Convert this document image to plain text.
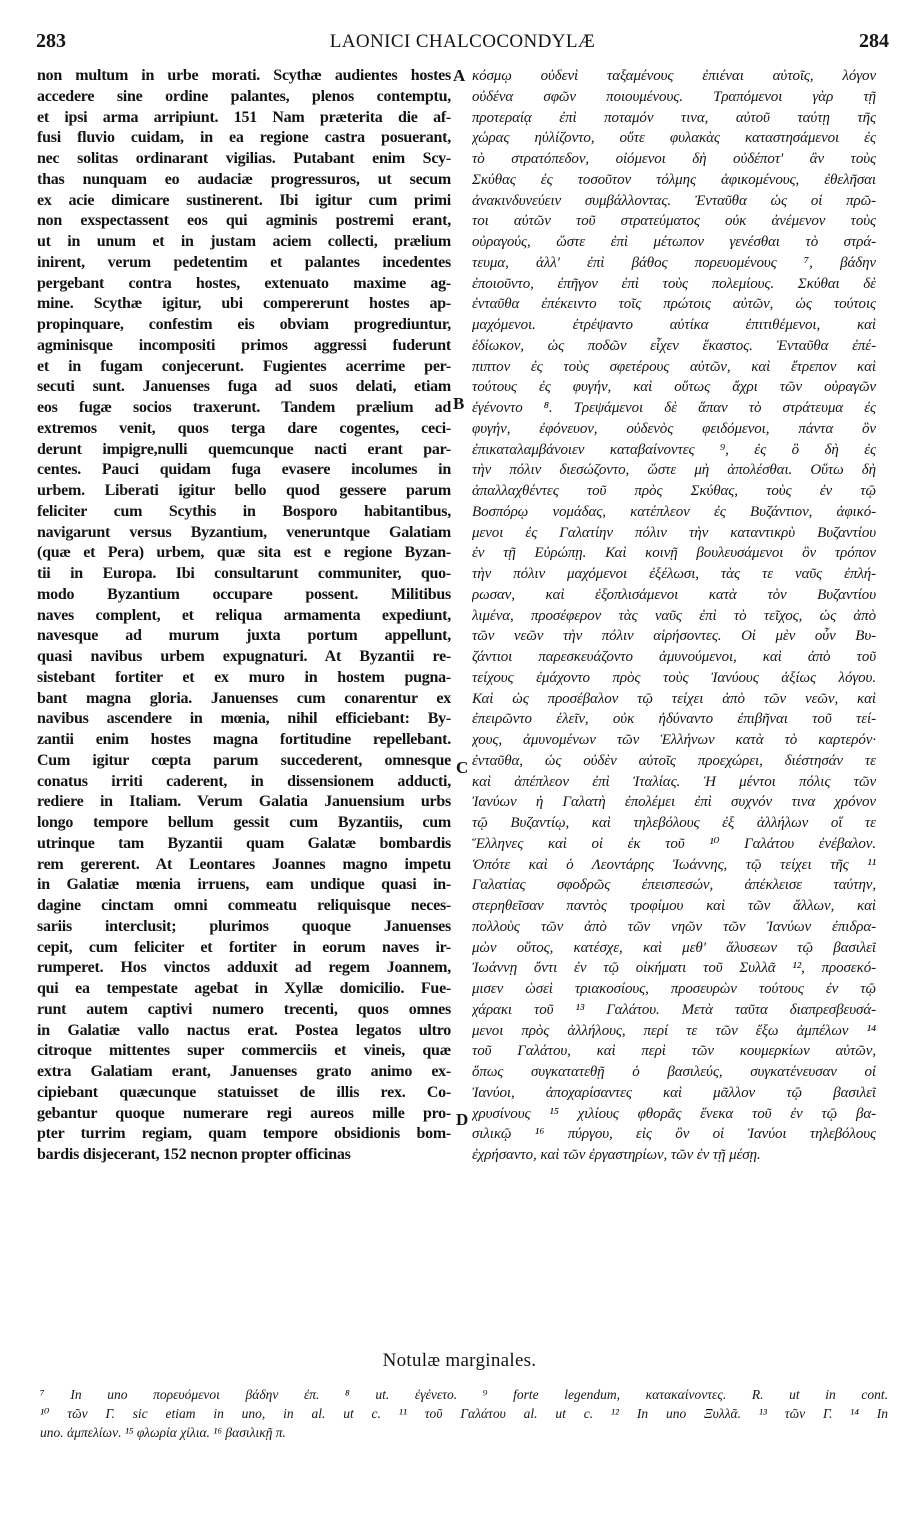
283	LAONICI CHALCOCONDYLÆ	284
non multum in urbe morati. Scythæ audientes hostes
accedere sine ordine palantes, plenos contemptu,
et ipsi arma arripiunt. 151 Nam præterita die af-
fusi fluvio cuidam, in ea regione castra posuerant,
nec solitas ordinarant vigilias. Putabant enim Scy-
thas nunquam eo audaciæ progressuros, ut secum
ex acie dimicare sustinerent. Ibi igitur cum primi
non exspectassent eos qui agminis postremi erant,
ut in unum et in justam aciem collecti, prælium
inirent, verum pedetentim et palantes incedentes
pergebant contra hostes, extenuato maxime ag-
mine. Scythæ igitur, ubi compererunt hostes ap-
propinquare, confestim eis obviam progrediuntur,
agminisque incompositi primos aggressi fuderunt
et in fugam conjecerunt. Fugientes acerrime per-
secuti sunt. Januenses fuga ad suos delati, etiam
eos fugæ socios traxerunt. Tandem prælium ad
extremos venit, quos terga dare cogentes, ceci-
derunt impigre,nulli quemcunque nacti erant par-
centes. Pauci quidam fuga evasere incolumes in
urbem. Liberati igitur bello quod gessere parum
feliciter cum Scythis in Bosporo habitantibus,
navigarunt versus Byzantium, veneruntque Galatiam
(quæ et Pera) urbem, quæ sita est e regione Byzan-
tii in Europa. Ibi consultarunt communiter, quo-
modo Byzantium occupare possent. Militibus
naves complent, et reliqua armamenta expediunt,
navesque ad murum juxta portum appellunt,
quasi navibus urbem expugnaturi. At Byzantii re-
sistebant fortiter et ex muro in hostem pugna-
bant magna gloria. Januenses cum conarentur ex
navibus ascendere in mœnia, nihil efficiebant: By-
zantii enim hostes magna fortitudine repellebant.
Cum igitur cœpta parum succederent, omnesque
conatus irriti caderent, in dissensionem adducti,
rediere in Italiam. Verum Galatia Januensium urbs
longo tempore bellum gessit cum Byzantiis, cum
utrinque tam Byzantii quam Galatæ bombardis
rem gererent. At Leontares Joannes magno impetu
in Galatiæ mœnia irruens, eam undique quasi in-
dagine cinctam omni commeatu reliquisque neces-
sariis interclusit; plurimos quoque Januenses
cepit, cum feliciter et fortiter in eorum naves ir-
rumperet. Hos vinctos adduxit ad regem Joannem,
qui ea tempestate agebat in Xyllæ domicilio. Fue-
runt autem captivi numero trecenti, quos omnes
in Galatiæ vallo nactus erat. Postea legatos ultro
citroque mittentes super commerciis et vineis, quæ
extra Galatiam erant, Januenses grato animo ex-
cipiebant quæcunque statuisset de illis rex. Co-
gebantur quoque numerare regi aureos mille pro-
pter turrim regiam, quam tempore obsidionis bom-
bardis disjecerant, 152 necnon propter officinas
κόσμῳ οὐδενὶ ταξαμένους ἐπιέναι αὐτοῖς, λόγον
οὐδένα σφῶν ποιουμένους. Τραπόμενοι γὰρ τῇ
προτεραίᾳ ἐπὶ ποταμόν τινα, αὐτοῦ ταύτῃ τῆς
χώρας ηὐλίζοντο, οὔτε φυλακὰς καταστησάμενοι ἐς
τὸ στρατόπεδον, οἰόμενοι δὴ οὐδέποτ' ἂν τοὺς
Σκύθας ἐς τοσοῦτον τόλμης ἀφικομένους, ἐθελῆσαι
ἀνακινδυνεύειν συμβάλλοντας. Ἐνταῦθα ὡς οἱ πρῶ-
τοι αὐτῶν τοῦ στρατεύματος οὐκ ἀνέμενον τοὺς
οὐραγούς, ὥστε ἐπὶ μέτωπον γενέσθαι τὸ στρά-
τευμα, ἀλλ' ἐπὶ βάθος πορευομένους ⁷, βάδην
ἐποιοῦντο, ἐπῆγον ἐπὶ τοὺς πολεμίους. Σκύθαι δὲ
ἐνταῦθα ἐπέκειντο τοῖς πρώτοις αὐτῶν, ὡς τούτοις
μαχόμενοι. ἐτρέψαντο αὐτίκα ἐπιτιθέμενοι, καὶ
ἐδίωκον, ὡς ποδῶν εἶχεν ἕκαστος. Ἐνταῦθα ἐπέ-
πιπτον ἐς τοὺς σφετέρους αὐτῶν, καὶ ἔτρεπον καὶ
τούτους ἐς φυγήν, καὶ οὕτως ἄχρι τῶν οὐραγῶν
ἐγένοντο ⁸. Τρεψάμενοι δὲ ἅπαν τὸ στράτευμα ἐς
φυγήν, ἐφόνευον, οὐδενὸς φειδόμενοι, πάντα ὃν
ἐπικαταλαμβάνοιεν καταβαίνοντες ⁹, ἐς ὃ δὴ ἐς
τὴν πόλιν διεσώζοντο, ὥστε μὴ ἀπολέσθαι. Οὕτω δὴ
ἀπαλλαχθέντες τοῦ πρὸς Σκύθας, τοὺς ἐν τῷ
Βοσπόρῳ νομάδας, κατέπλεον ἐς Βυζάντιον, ἀφικό-
μενοι ἐς Γαλατίην πόλιν τὴν καταντικρὺ Βυζαντίου
ἐν τῇ Εὐρώπῃ. Καὶ κοινῇ βουλευσάμενοι ὃν τρόπον
τὴν πόλιν μαχόμενοι ἐξέλωσι, τὰς τε ναῦς ἐπλή-
ρωσαν, καὶ ἐξοπλισάμενοι κατὰ τὸν Βυζαντίου
λιμένα, προσέφερον τὰς ναῦς ἐπὶ τὸ τεῖχος, ὡς ἀπὸ
τῶν νεῶν τὴν πόλιν αἱρήσοντες. Οἱ μὲν οὖν Βυ-
ζάντιοι παρεσκευάζοντο ἀμυνούμενοι, καὶ ἀπὸ τοῦ
τείχους ἐμάχοντο πρὸς τοὺς Ἰανύους ἀξίως λόγου.
Καὶ ὡς προσέβαλον τῷ τείχει ἀπὸ τῶν νεῶν, καὶ
ἐπειρῶντο ἑλεῖν, οὐκ ἠδύναντο ἐπιβῆναι τοῦ τεί-
χους, ἀμυνομένων τῶν Ἑλλήνων κατὰ τὸ καρτερόν·
ἐνταῦθα, ὡς οὐδὲν αὐτοῖς προεχώρει, διέστησάν τε
καὶ ἀπέπλεον ἐπὶ Ἰταλίας. Ἡ μέντοι πόλις τῶν
Ἰανύων ἡ Γαλατὴ ἐπολέμει ἐπὶ συχνόν τινα χρόνον
τῷ Βυζαντίῳ, καὶ τηλεβόλους ἐξ ἀλλήλων οἵ τε
Ἕλληνες καὶ οἱ ἐκ τοῦ ¹⁰ Γαλάτου ἐνέβαλον.
Ὁπότε καὶ ὁ Λεοντάρης Ἰωάννης, τῷ τείχει τῆς ¹¹
Γαλατίας σφοδρῶς ἐπεισπεσών, ἀπέκλεισε ταύτην,
στερηθεῖσαν παντὸς τροφίμου καὶ τῶν ἄλλων, καὶ
πολλοὺς τῶν ἀπὸ τῶν νηῶν τῶν Ἰανύων ἐπιδρα-
μὼν οὕτος, κατέσχε, καὶ μεθ' ἅλυσεων τῷ βασιλεῖ
Ἰωάννῃ ὄντι ἐν τῷ οἰκήματι τοῦ Συλλᾶ ¹², προσεκό-
μισεν ὡσεὶ τριακοσίους, προσευρὼν τούτους ἐν τῷ
χάρακι τοῦ ¹³ Γαλάτου. Μετὰ ταῦτα διαπρεσβευσά-
μενοι πρὸς ἀλλήλους, περί τε τῶν ἔξω ἀμπέλων ¹⁴
τοῦ Γαλάτου, καὶ περὶ τῶν κουμερκίων αὐτῶν,
ὅπως συγκατατεθῇ ὁ βασιλεύς, συγκατένευσαν οἱ
Ἰανύοι, ἀποχαρίσαντες καὶ μᾶλλον τῷ βασιλεῖ
χρυσίνους ¹⁵ χιλίους φθορᾶς ἕνεκα τοῦ ἐν τῷ βα-
σιλικῷ ¹⁶ πύργου, εἰς ὃν οἱ Ἰανύοι τηλεβόλους
ἐχρήσαντο, καὶ τῶν ἐργαστηρίων, τῶν ἐν τῇ μέσῃ.
A
B
C
D
Notulæ marginales.
⁷ In uno πορευόμενοι βάδην ἐπ. ⁸ ut. ἐγένετο. ⁹ forte legendum, κατακαίνοντες. R. ut in cont.
¹⁰ τῶν Γ. sic etiam in uno, in al. ut c. ¹¹ τοῦ Γαλάτου al. ut c. ¹² In uno Ξυλλᾶ. ¹³ τῶν Γ. ¹⁴ In
uno. ἀμπελίων. ¹⁵ φλωρία χίλια. ¹⁶ βασιλικῇ π.
